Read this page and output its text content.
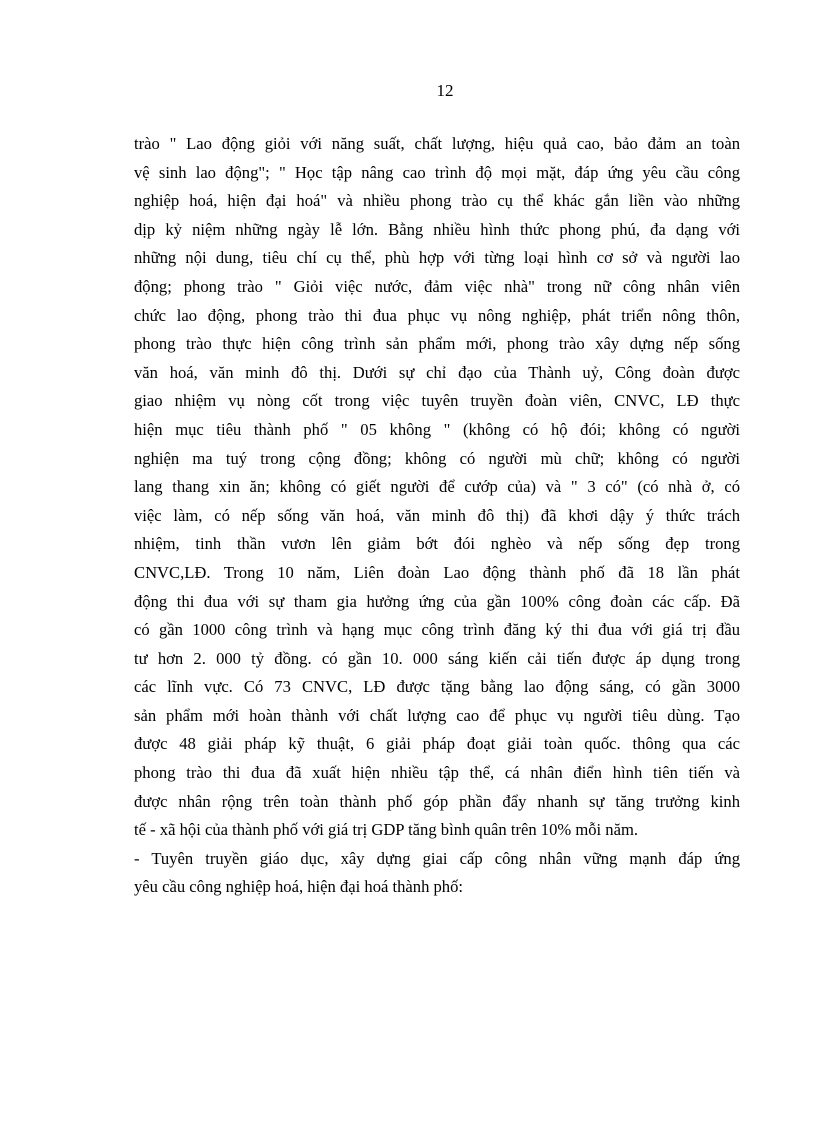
12
trào " Lao động giỏi với năng suất, chất lượng, hiệu quả cao, bảo đảm an toàn
vệ sinh lao động"; " Học tập nâng cao trình độ mọi mặt, đáp ứng yêu cầu công
nghiệp hoá, hiện đại hoá" và nhiều phong trào cụ thể khác gắn liền vào những
dịp kỷ niệm những ngày lễ lớn. Bằng nhiều hình thức phong phú, đa dạng với
những nội dung, tiêu chí cụ thể, phù hợp với từng loại hình cơ sở và người lao
động; phong trào " Giỏi việc nước, đảm việc nhà" trong nữ công nhân viên
chức lao động, phong trào thi đua phục vụ nông nghiệp, phát triển nông thôn,
phong trào thực hiện công trình sản phẩm mới, phong trào xây dựng nếp sống
văn hoá, văn minh đô thị. Dưới sự chỉ đạo của Thành uỷ, Công đoàn được
giao nhiệm vụ nòng cốt trong việc tuyên truyền đoàn viên, CNVC, LĐ thực
hiện mục tiêu thành phố " 05 không " (không có hộ đói; không có người
nghiện ma tuý trong cộng đồng; không có người mù chữ; không có người
lang thang xin ăn; không có giết người để cướp của) và " 3 có" (có nhà ở, có
việc làm, có nếp sống văn hoá, văn minh đô thị) đã khơi dậy ý thức trách
nhiệm, tinh thần vươn lên giảm bớt đói nghèo và nếp sống đẹp trong
CNVC,LĐ. Trong 10 năm, Liên đoàn Lao động thành phố đã 18 lần phát
động thi đua với sự tham gia hưởng ứng của gần 100% công đoàn các cấp. Đã
có gần 1000 công trình và hạng mục công trình đăng ký thi đua với giá trị đầu
tư hơn 2. 000 tỷ đồng. có gần 10. 000 sáng kiến cải tiến được áp dụng trong
các lĩnh vực. Có 73 CNVC, LĐ được tặng bằng lao động sáng, có gần 3000
sản phẩm mới hoàn thành với chất lượng cao để phục vụ người tiêu dùng. Tạo
được 48 giải pháp kỹ thuật, 6 giải pháp đoạt giải toàn quốc. thông qua các
phong trào thi đua đã xuất hiện nhiều tập thể, cá nhân điển hình tiên tiến và
được nhân rộng trên toàn thành phố góp phần đẩy nhanh sự tăng trưởng kinh
tế - xã hội của thành phố với giá trị GDP tăng bình quân trên 10% mỗi năm.
- Tuyên truyền giáo dục, xây dựng giai cấp công nhân vững mạnh đáp ứng
yêu cầu công nghiệp hoá, hiện đại hoá thành phố:
